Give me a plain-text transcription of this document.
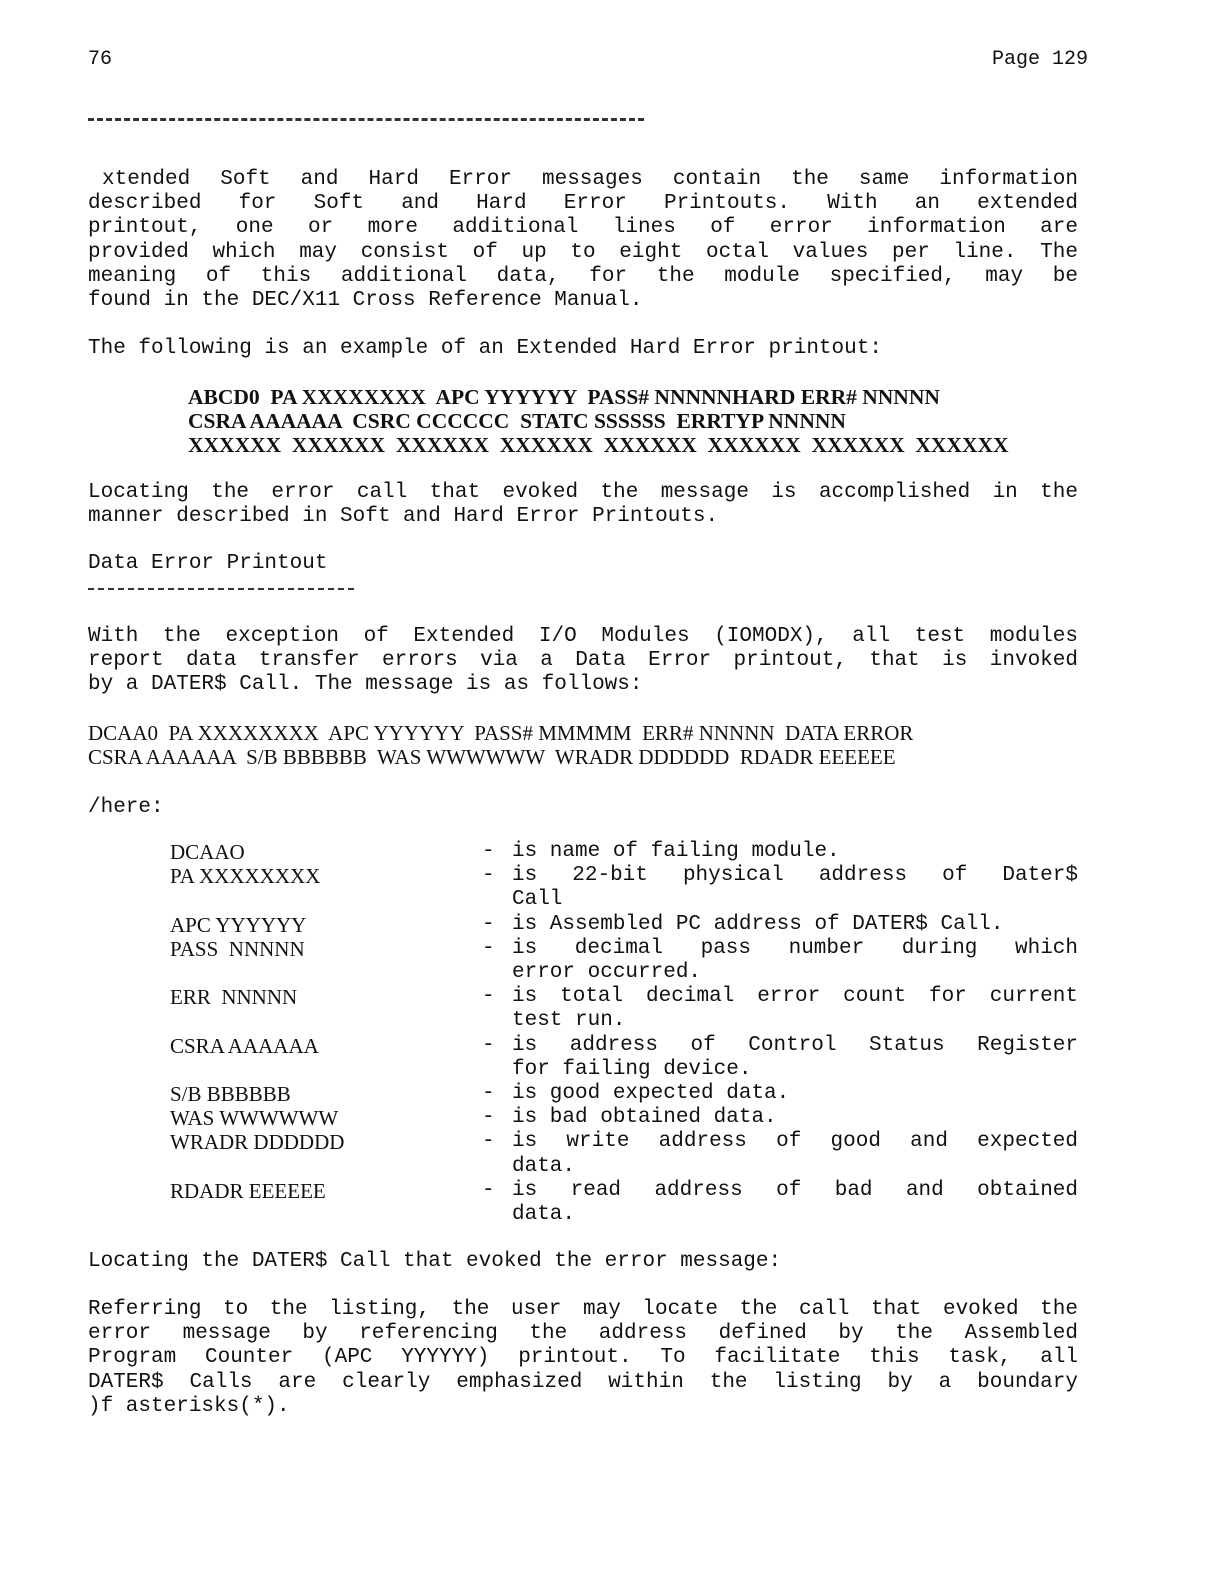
76	Page 129
xtended Soft and Hard Error messages contain the same information
described for Soft and Hard Error Printouts. With an extended
printout, one or more additional lines of error information are
provided which may consist of up to eight octal values per line. The
meaning of this additional data, for the module specified, may be
found in the DEC/X11 Cross Reference Manual.
The following is an example of an Extended Hard Error printout:
ABCD0  PA XXXXXXXX  APC YYYYYY  PASS# NNNNNHARD ERR# NNNNN
CSRA AAAAAA  CSRC CCCCCC  STATC SSSSSS  ERRTYP NNNNN
XXXXXX  XXXXXX  XXXXXX  XXXXXX  XXXXXX  XXXXXX  XXXXXX  XXXXXX
Locating the error call that evoked the message is accomplished in the
manner described in Soft and Hard Error Printouts.
Data Error Printout
With the exception of Extended I/O Modules (IOMODX), all test modules
report data transfer errors via a Data Error printout, that is invoked
by a DATER$ Call. The message is as follows:
DCAA0  PA XXXXXXXX  APC YYYYYY  PASS# MMMMM  ERR# NNNNN  DATA ERROR
CSRA AAAAAA  S/B BBBBBB  WAS WWWWWW  WRADR DDDDDD  RDADR EEEEEE
/here:
DCAAO	- is name of failing module.
PA XXXXXXXX	- is 22-bit physical address of Dater$
Call
APC YYYYYY	- is Assembled PC address of DATER$ Call.
PASS  NNNNN	- is decimal pass number during which
error occurred.
ERR  NNNNN	- is total decimal error count for current
test run.
CSRA AAAAAA	- is address of Control Status Register
for failing device.
S/B BBBBBB	- is good expected data.
WAS WWWWWW	- is bad obtained data.
WRADR DDDDDD	- is write address of good and expected
data.
RDADR EEEEEE	- is read address of bad and obtained
data.
Locating the DATER$ Call that evoked the error message:
Referring to the listing, the user may locate the call that evoked the
error message by referencing the address defined by the Assembled
Program Counter (APC YYYYYY) printout. To facilitate this task, all
DATER$ Calls are clearly emphasized within the listing by a boundary
)f asterisks(*).
